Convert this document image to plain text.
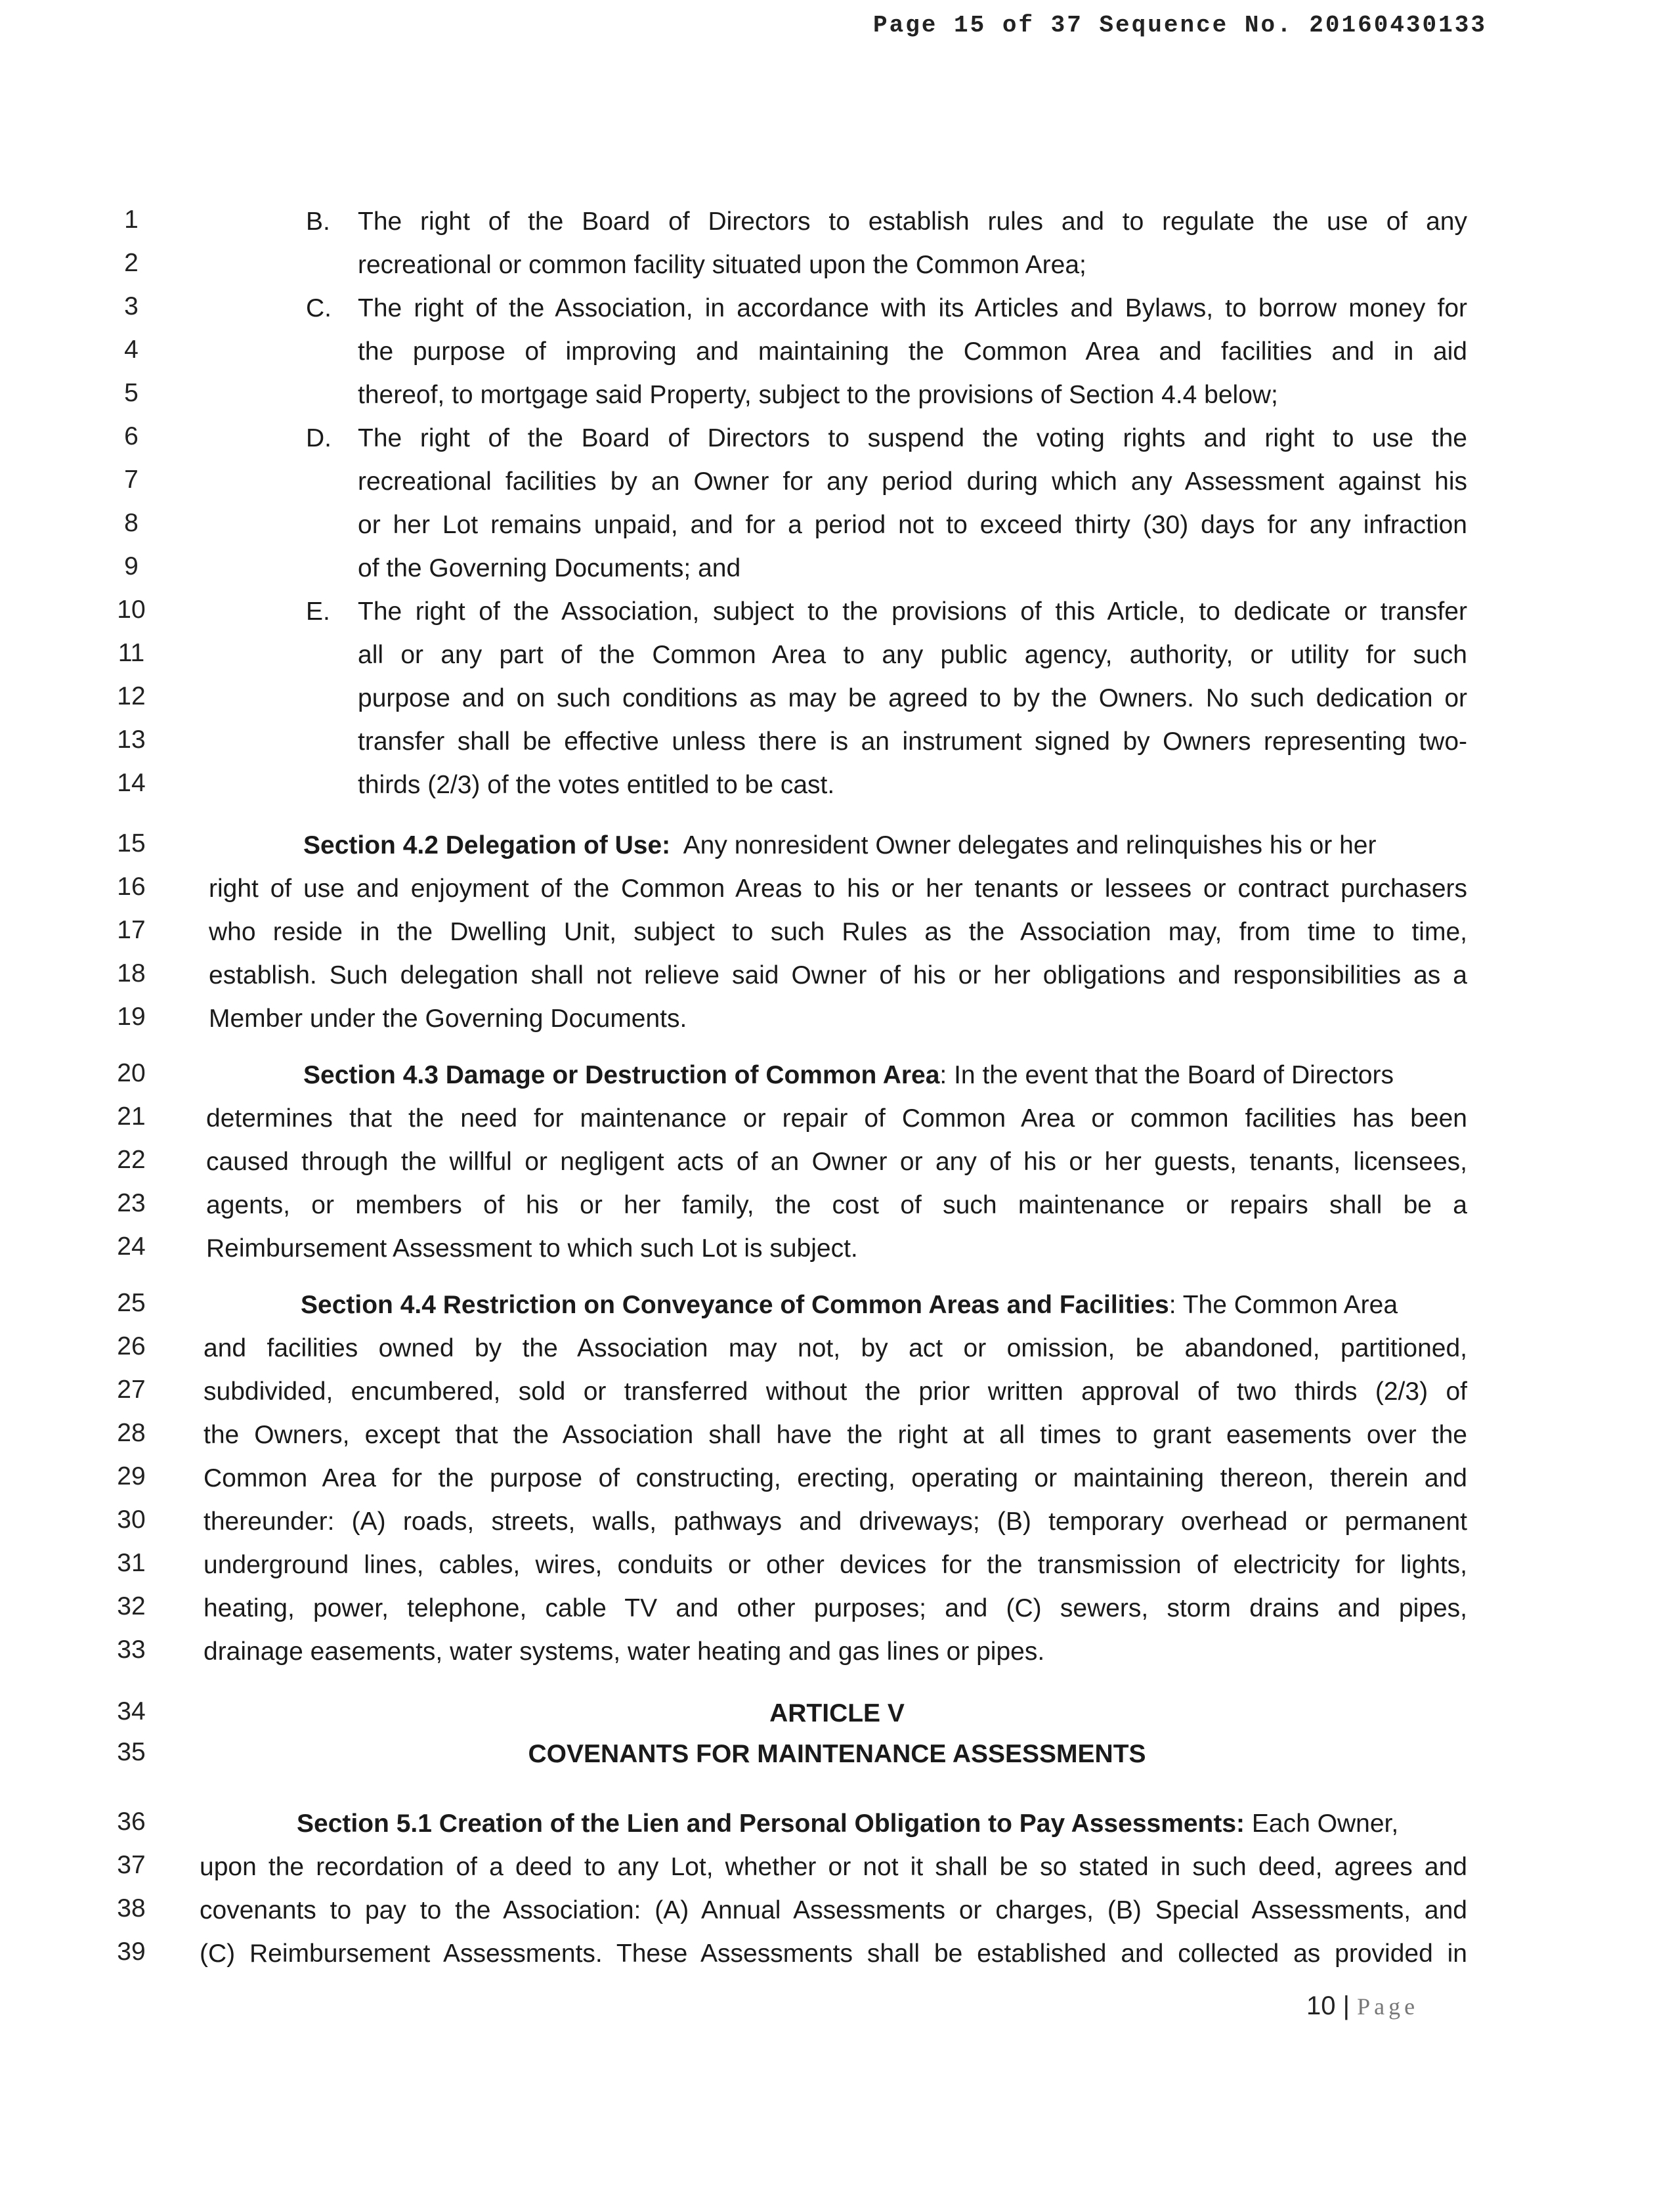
Page 15 of 37 Sequence No. 20160430133
1
2
3
4
5
6
7
8
9
10
11
12
13
14
15
16
17
18
19
20
21
22
23
24
25
26
27
28
29
30
31
32
33
34
35
36
37
38
39
B. The right of the Board of Directors to establish rules and to regulate the use of any
recreational or common facility situated upon the Common Area;
C. The right of the Association, in accordance with its Articles and Bylaws, to borrow money for
the purpose of improving and maintaining the Common Area and facilities and in aid
thereof, to mortgage said Property, subject to the provisions of Section 4.4 below;
D. The right of the Board of Directors to suspend the voting rights and right to use the
recreational facilities by an Owner for any period during which any Assessment against his
or her Lot remains unpaid, and for a period not to exceed thirty (30) days for any infraction
of the Governing Documents; and
E. The right of the Association, subject to the provisions of this Article, to dedicate or transfer
all or any part of the Common Area to any public agency, authority, or utility for such
purpose and on such conditions as may be agreed to by the Owners. No such dedication or
transfer shall be effective unless there is an instrument signed by Owners representing two-
thirds (2/3) of the votes entitled to be cast.
Section 4.2 Delegation of Use: Any nonresident Owner delegates and relinquishes his or her
right of use and enjoyment of the Common Areas to his or her tenants or lessees or contract purchasers
who reside in the Dwelling Unit, subject to such Rules as the Association may, from time to time,
establish. Such delegation shall not relieve said Owner of his or her obligations and responsibilities as a
Member under the Governing Documents.
Section 4.3 Damage or Destruction of Common Area: In the event that the Board of Directors
determines that the need for maintenance or repair of Common Area or common facilities has been
caused through the willful or negligent acts of an Owner or any of his or her guests, tenants, licensees,
agents, or members of his or her family, the cost of such maintenance or repairs shall be a
Reimbursement Assessment to which such Lot is subject.
Section 4.4 Restriction on Conveyance of Common Areas and Facilities: The Common Area
and facilities owned by the Association may not, by act or omission, be abandoned, partitioned,
subdivided, encumbered, sold or transferred without the prior written approval of two thirds (2/3) of
the Owners, except that the Association shall have the right at all times to grant easements over the
Common Area for the purpose of constructing, erecting, operating or maintaining thereon, therein and
thereunder: (A) roads, streets, walls, pathways and driveways; (B) temporary overhead or permanent
underground lines, cables, wires, conduits or other devices for the transmission of electricity for lights,
heating, power, telephone, cable TV and other purposes; and (C) sewers, storm drains and pipes,
drainage easements, water systems, water heating and gas lines or pipes.
ARTICLE V
COVENANTS FOR MAINTENANCE ASSESSMENTS
Section 5.1 Creation of the Lien and Personal Obligation to Pay Assessments: Each Owner,
upon the recordation of a deed to any Lot, whether or not it shall be so stated in such deed, agrees and
covenants to pay to the Association: (A) Annual Assessments or charges, (B) Special Assessments, and
(C) Reimbursement Assessments. These Assessments shall be established and collected as provided in
10 | Page
